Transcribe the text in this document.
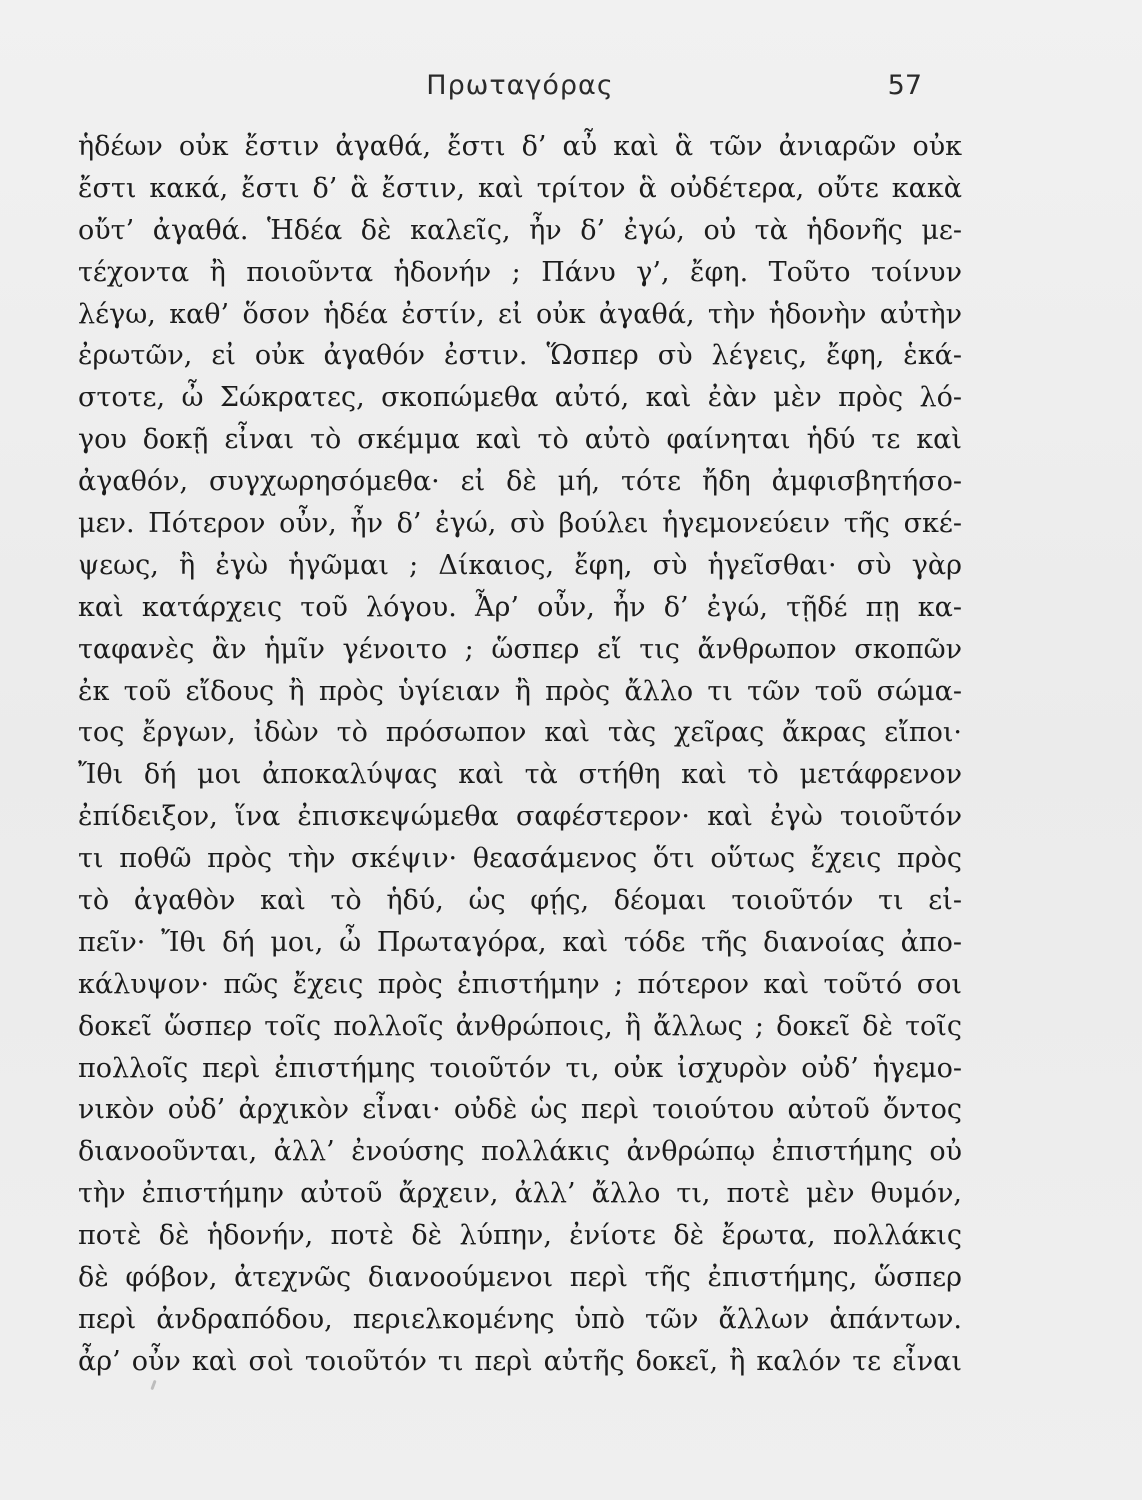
Πρωταγόρας	57
ἡδέων οὐκ ἔστιν ἀγαθά, ἔστι δ’ αὖ καὶ ἃ τῶν ἀνιαρῶν οὐκ
ἔστι κακά, ἔστι δ’ ἃ ἔστιν, καὶ τρίτον ἃ οὐδέτερα, οὔτε κακὰ
οὔτ’ ἀγαθά. Ἡδέα δὲ καλεῖς, ἦν δ’ ἐγώ, οὐ τὰ ἡδονῆς με-
τέχοντα ἢ ποιοῦντα ἡδονήν ; Πάνυ γ’, ἔφη. Τοῦτο τοίνυν
λέγω, καθ’ ὅσον ἡδέα ἐστίν, εἰ οὐκ ἀγαθά, τὴν ἡδονὴν αὐτὴν
ἐρωτῶν, εἰ οὐκ ἀγαθόν ἐστιν. Ὥσπερ σὺ λέγεις, ἔφη, ἑκά-
στοτε, ὦ Σώκρατες, σκοπώμεθα αὐτό, καὶ ἐὰν μὲν πρὸς λό-
γου δοκῇ εἶναι τὸ σκέμμα καὶ τὸ αὐτὸ φαίνηται ἡδύ τε καὶ
ἀγαθόν, συγχωρησόμεθα· εἰ δὲ μή, τότε ἤδη ἀμφισβητήσο-
μεν. Πότερον οὖν, ἦν δ’ ἐγώ, σὺ βούλει ἡγεμονεύειν τῆς σκέ-
ψεως, ἢ ἐγὼ ἡγῶμαι ; Δίκαιος, ἔφη, σὺ ἡγεῖσθαι· σὺ γὰρ
καὶ κατάρχεις τοῦ λόγου. Ἆρ’ οὖν, ἦν δ’ ἐγώ, τῇδέ πῃ κα-
ταφανὲς ἂν ἡμῖν γένοιτο ; ὥσπερ εἴ τις ἄνθρωπον σκοπῶν
ἐκ τοῦ εἴδους ἢ πρὸς ὑγίειαν ἢ πρὸς ἄλλο τι τῶν τοῦ σώμα-
τος ἔργων, ἰδὼν τὸ πρόσωπον καὶ τὰς χεῖρας ἄκρας εἴποι·
Ἴθι δή μοι ἀποκαλύψας καὶ τὰ στήθη καὶ τὸ μετάφρενον
ἐπίδειξον, ἵνα ἐπισκεψώμεθα σαφέστερον· καὶ ἐγὼ τοιοῦτόν
τι ποθῶ πρὸς τὴν σκέψιν· θεασάμενος ὅτι οὕτως ἔχεις πρὸς
τὸ ἀγαθὸν καὶ τὸ ἡδύ, ὡς φῄς, δέομαι τοιοῦτόν τι εἰ-
πεῖν· Ἴθι δή μοι, ὦ Πρωταγόρα, καὶ τόδε τῆς διανοίας ἀπο-
κάλυψον· πῶς ἔχεις πρὸς ἐπιστήμην ; πότερον καὶ τοῦτό σοι
δοκεῖ ὥσπερ τοῖς πολλοῖς ἀνθρώποις, ἢ ἄλλως ; δοκεῖ δὲ τοῖς
πολλοῖς περὶ ἐπιστήμης τοιοῦτόν τι, οὐκ ἰσχυρὸν οὐδ’ ἡγεμο-
νικὸν οὐδ’ ἀρχικὸν εἶναι· οὐδὲ ὡς περὶ τοιούτου αὐτοῦ ὄντος
διανοοῦνται, ἀλλ’ ἐνούσης πολλάκις ἀνθρώπῳ ἐπιστήμης οὐ
τὴν ἐπιστήμην αὐτοῦ ἄρχειν, ἀλλ’ ἄλλο τι, ποτὲ μὲν θυμόν,
ποτὲ δὲ ἡδονήν, ποτὲ δὲ λύπην, ἐνίοτε δὲ ἔρωτα, πολλάκις
δὲ φόβον, ἀτεχνῶς διανοούμενοι περὶ τῆς ἐπιστήμης, ὥσπερ
περὶ ἀνδραπόδου, περιελκομένης ὑπὸ τῶν ἄλλων ἁπάντων.
ἆρ’ οὖν καὶ σοὶ τοιοῦτόν τι περὶ αὐτῆς δοκεῖ, ἢ καλόν τε εἶναι
